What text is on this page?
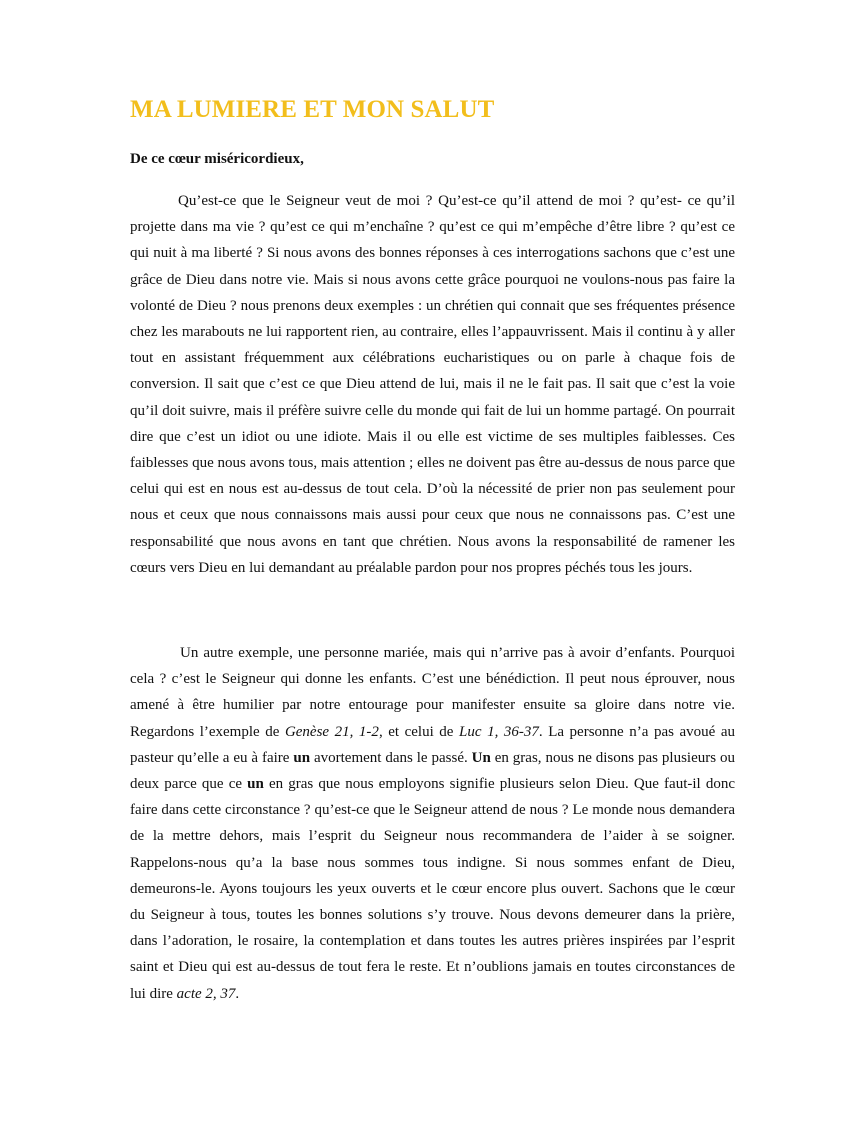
MA LUMIERE ET MON SALUT
De ce cœur miséricordieux,

Qu’est-ce que le Seigneur veut de moi ? Qu’est-ce qu’il attend de moi ? qu’est- ce qu’il projette dans ma vie ? qu’est ce qui m’enchaîne ? qu’est ce qui m’empêche d’être libre ? qu’est ce qui nuit à ma liberté ? Si nous avons des bonnes réponses à ces interrogations sachons que c’est une grâce de Dieu dans notre vie. Mais si nous avons cette grâce pourquoi ne voulons-nous pas faire la volonté de Dieu ? nous prenons deux exemples : un chrétien qui connait que ses fréquentes présence chez les marabouts ne lui rapportent rien, au contraire, elles l’appauvrissent. Mais il continu à y aller tout en assistant fréquemment aux célébrations eucharistiques ou on parle à chaque fois de conversion. Il sait que c’est ce que Dieu attend de lui, mais il ne le fait pas. Il sait que c’est la voie qu’il doit suivre, mais il préfère suivre celle du monde qui fait de lui un homme partagé. On pourrait dire que c’est un idiot ou une idiote. Mais il ou elle est victime de ses multiples faiblesses. Ces faiblesses que nous avons tous, mais attention ; elles ne doivent pas être au-dessus de nous parce que celui qui est en nous est au-dessus de tout cela. D’où la nécessité de prier non pas seulement pour nous et ceux que nous connaissons mais aussi pour ceux que nous ne connaissons pas. C’est une responsabilité que nous avons en tant que chrétien. Nous avons la responsabilité de ramener les cœurs vers Dieu en lui demandant au préalable pardon pour nos propres péchés tous les jours.

Un autre exemple, une personne mariée, mais qui n’arrive pas à avoir d’enfants. Pourquoi cela ? c’est le Seigneur qui donne les enfants. C’est une bénédiction. Il peut nous éprouver, nous amené à être humilier par notre entourage pour manifester ensuite sa gloire dans notre vie. Regardons l’exemple de Genèse 21, 1-2, et celui de Luc 1, 36-37. La personne n’a pas avoué au pasteur qu’elle a eu à faire un avortement dans le passé. Un en gras, nous ne disons pas plusieurs ou deux parce que ce un en gras que nous employons signifie plusieurs selon Dieu. Que faut-il donc faire dans cette circonstance ? qu’est-ce que le Seigneur attend de nous ? Le monde nous demandera de la mettre dehors, mais l’esprit du Seigneur nous recommandera de l’aider à se soigner. Rappelons-nous qu’a la base nous sommes tous indigne. Si nous sommes enfant de Dieu, demeurons-le. Ayons toujours les yeux ouverts et le cœur encore plus ouvert. Sachons que le cœur du Seigneur à tous, toutes les bonnes solutions s’y trouve. Nous devons demeurer dans la prière, dans l’adoration, le rosaire, la contemplation et dans toutes les autres prières inspirées par l’esprit saint et Dieu qui est au-dessus de tout fera le reste. Et n’oublions jamais en toutes circonstances de lui dire acte 2, 37.
